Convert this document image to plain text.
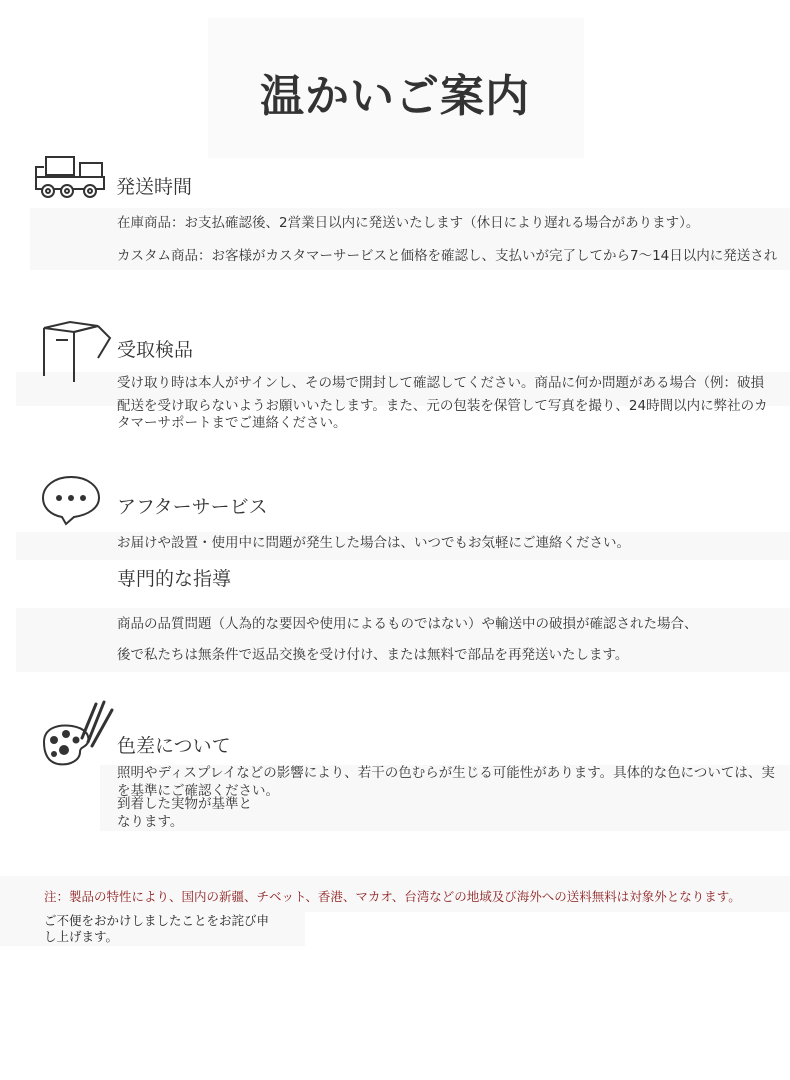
温かいご案内
発送時間
在庫商品：お支払確認後、2営業日以内に発送いたします（休日により遅れる場合があります）。
カスタム商品：お客様がカスタマーサービスと価格を確認し、支払いが完了してから7〜14日以内に発送され
受取検品
受け取り時は本人がサインし、その場で開封して確認してください。商品に何か問題がある場合（例：破損
配送を受け取らないようお願いいたします。また、元の包装を保管して写真を撮り、24時間以内に弊社のカ
タマーサポートまでご連絡ください。
アフターサービス
お届けや設置・使用中に問題が発生した場合は、いつでもお気軽にご連絡ください。
専門的な指導
商品の品質問題（人為的な要因や使用によるものではない）や輸送中の破損が確認された場合、
後で私たちは無条件で返品交換を受け付け、または無料で部品を再発送いたします。
色差について
照明やディスプレイなどの影響により、若干の色むらが生じる可能性があります。具体的な色については、実
を基準にご確認ください。
到着した実物が基準と
なります。
注：製品の特性により、国内の新疆、チベット、香港、マカオ、台湾などの地域及び海外への送料無料は対象外となります。
ご不便をおかけしましたことをお詫び申
し上げます。
